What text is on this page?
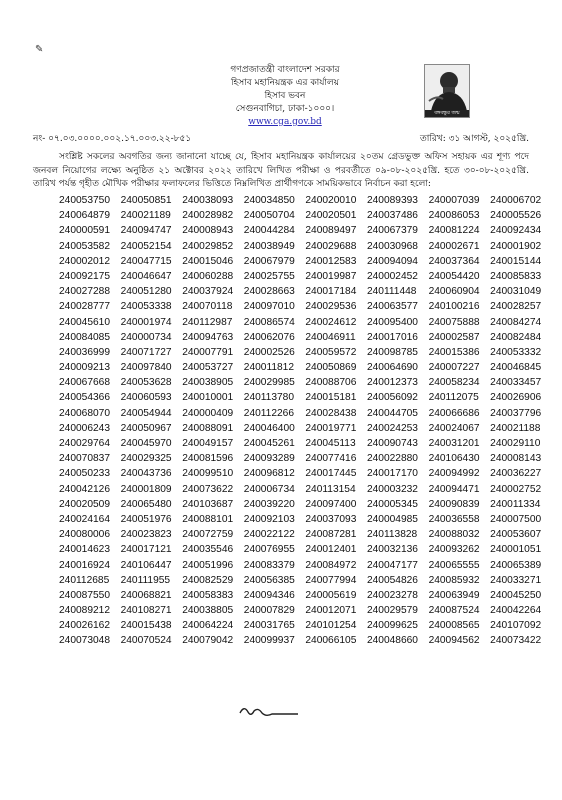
✎
গণপ্রজাতন্ত্রী বাংলাদেশ সরকার
হিসাব মহানিয়ন্ত্রক এর কার্যালয়
হিসাব ভবন
সেগুনবাগিচা, ঢাকা-১০০০।
www.cga.gov.bd
বঙ্গবন্ধুর জন্ম
নং- ০৭.০৩.০০০০.০০২.১৭.০০৩.২২-৮৫১	তারিখ: ৩১ আগস্ট, ২০২৫খ্রি.
সংশ্লিষ্ট সকলের অবগতির জন্য জানানো যাচ্ছে যে, হিসাব মহানিয়ন্ত্রক কার্যালয়ের ২০তম গ্রেডভুক্ত অফিস সহায়ক এর শূণ্য পদে জনবল নিয়োগের লক্ষ্যে অনুষ্ঠিত ২১ অক্টোবর ২০২২ তারিখে লিখিত পরীক্ষা ও পরবর্তীতে ০৯-০৮-২০২৫খ্রি. হতে ৩০-০৮-২০২৫খ্রি. তারিখ পর্যন্ত গৃহীত মৌখিক পরীক্ষার ফলাফলের ভিত্তিতে নিম্নলিখিত প্রার্থীগণকে সাময়িকভাবে নির্বাচন করা হলো:
240053750	240050851	240038093	240034850	240020010	240089393	240007039	240006702
240064879	240021189	240028982	240050704	240020501	240037486	240086053	240005526
240000591	240094747	240008943	240044284	240089497	240067379	240081224	240092434
240053582	240052154	240029852	240038949	240029688	240030968	240002671	240001902
240002012	240047715	240015046	240067979	240012583	240094094	240037364	240015144
240092175	240046647	240060288	240025755	240019987	240002452	240054420	240085833
240027288	240051280	240037924	240028663	240017184	240111448	240060904	240031049
240028777	240053338	240070118	240097010	240029536	240063577	240100216	240028257
240045610	240001974	240112987	240086574	240024612	240095400	240075888	240084274
240084085	240000734	240094763	240062076	240046911	240017016	240002587	240082484
240036999	240071727	240007791	240002526	240059572	240098785	240015386	240053332
240009213	240097840	240053727	240011812	240050869	240064690	240007227	240046845
240067668	240053628	240038905	240029985	240088706	240012373	240058234	240033457
240054366	240060593	240010001	240113780	240015181	240056092	240112075	240026906
240068070	240054944	240000409	240112266	240028438	240044705	240066686	240037796
240006243	240050967	240088091	240046400	240019771	240024253	240024067	240021188
240029764	240045970	240049157	240045261	240045113	240090743	240031201	240029110
240070837	240029325	240081596	240093289	240077416	240022880	240106430	240008143
240050233	240043736	240099510	240096812	240017445	240017170	240094992	240036227
240042126	240001809	240073622	240006734	240113154	240003232	240094471	240002752
240020509	240065480	240103687	240039220	240097400	240005345	240090839	240011334
240024164	240051976	240088101	240092103	240037093	240004985	240036558	240007500
240080006	240023823	240072759	240022122	240087281	240113828	240088032	240053607
240014623	240017121	240035546	240076955	240012401	240032136	240093262	240001051
240016924	240106447	240051996	240083379	240084972	240047177	240065555	240065389
240112685	240111955	240082529	240056385	240077994	240054826	240085932	240033271
240087550	240068821	240058383	240094346	240005619	240023278	240063949	240045250
240089212	240108271	240038805	240007829	240012071	240029579	240087524	240042264
240026162	240015438	240064224	240031765	240101254	240099625	240008565	240107092
240073048	240070524	240079042	240099937	240066105	240048660	240094562	240073422
